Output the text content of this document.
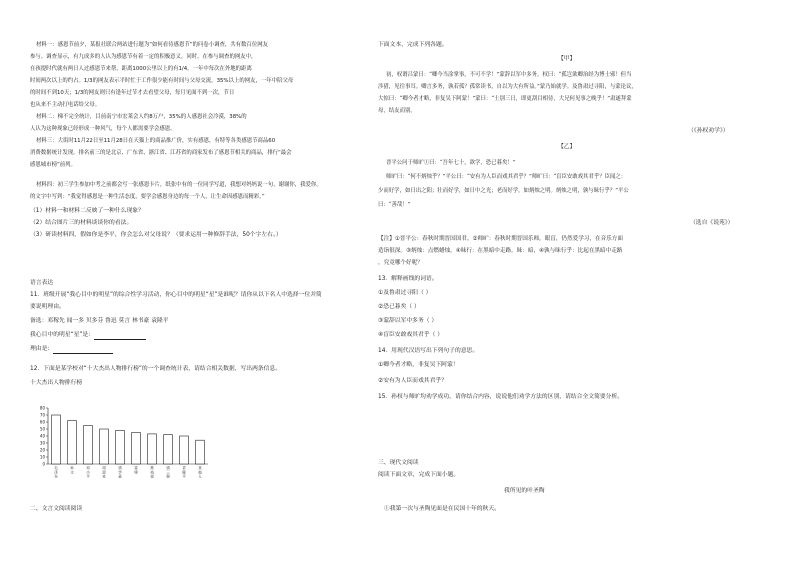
材料一：感恩节前夕，某报社联合两站进行题为“如何看待感恩节”的问卷小调查，共有数百位网友
参与。调查显示，有九成多的人认为感恩节有着一定的积极意义。同时，在参与调查的网友中，
在孩提时代就有两日人过感恩节来帮，距离1000公里以上的有1/4，一年中每次在外地的距离
时间两次以上的约占。1/3的网友表示平时忙于工作很少能有时间与父母交流，35%以上的网友，一年中陪父母
的时间不到10天；1/3的网友则只有逢年过节才去看望父母，每月见面不到一次，节日
也从来不主动打电话给父母。
材料二：梯不完全统计，目前南宁市宏莱会人约8万户，35%的人感恩社会冷漠，38%的
人认为这种现象已经形成一种风气，每个人都需要学会感恩。
材料三：大街时11月22日至11月28日在天猫上的商品推广价，实有感恩，有特等各类感恩节商品60
消费数据统计发现，排名前三的是北京、广东省、浙江省、江苏省的商家发布了感恩节相关的商品，排行“最会
感恩城市榜”前列。
材料四：初三学生参加中考之前都会写一张感恩卡片，纸张中有的一位同学写道，我想对妈妈说一句，谢谢你，我爱你。
的文字中写到：“我觉得感恩是一种生活态度，要学会感恩身边的每一个人，让生命因感恩而精彩。”
（1）材料一和材料二反映了一种什么现象？
（2）结合图片三的材料谈谈你的看法。
（3）研读材料四，假如你是李平，你会怎么对父母说？（要求运用一种修辞手法，50个字左右。）
语言表达
11．班级开展“我心目中的明星”的综合性学习活动，你心目中的明星“星”是谁呢？请你从以下名人中选择一位并简
要说明理由。
备选：邓稼先 闻一多 贝多芬 鲁迅 莫言 林书豪 袁隆平
我心目中的明星“星”是：
理由是：
12．下面是某学校对“十大杰出人物排行榜”的一个调查统计表，请结合相关数据，写出两条信息。
十大杰出人物排行榜
二、文言文阅读阅读
0
10
20
30
40
50
60
70
80
毛
泽
东
孙
文
邓
小
平
周
恩
来
钱
学
森
雷
锋
焦
裕
禄
钱
三
强
袁
隆
平
其
他
人
下面文本，完成下列各题。
【甲】
初，权谓吕蒙曰：“卿今当涂掌事，不可不学！”蒙辞以军中多务。权曰：“孤岂欲卿治经为博士邪！但当
涉猎，见往事耳。卿言多务，孰若孤？孤常读书，自以为大有所益。”蒙乃始就学。及鲁肃过寻阳，与蒙论议，
大惊曰：“卿今者才略，非复吴下阿蒙！”蒙曰：“士别三日，即更刮目相待，大兄何见事之晚乎！”肃遂拜蒙
母，结友而别。
（《孙权劝学》）
【乙】
晋平公问于师旷①曰：“吾年七十，欲学，恐已暮矣！”
师旷曰：“何不炳烛乎？”平公曰：“安有为人臣而戏其君乎？”师旷曰：“盲臣安敢戏其君乎？臣闻之：
少而好学，如日出之阳；壮而好学，如日中之光；老而好学，如炳烛之明。炳烛之明，孰与昧行乎？”平公
曰：“善哉！”
（选自《说苑》）
【注】①晋平公：春秋时期晋国国君。②师旷：春秋时期晋国乐师，眼盲，仍然爱学习，在音乐方面
造诣很深。③炳烛：点燃蜡烛。④昧行：在黑暗中走路。昧：暗，④孰与昧行乎：比起在黑暗中走路
，究竟哪个好呢？
13．解释画线的词语。
①及鲁肃过寻阳（ ）
②恐已暮矣（ ）
③蒙辞以军中多务（ ）
④盲臣安敢戏其君乎（ ）
14．用现代汉语写出下列句子的意思。
①卿今者才略，非复吴下阿蒙！
②安有为人臣而戏其君乎？
15．孙权与师旷均劝学成功，请你结合内容，说说他们劝学方法的区别，请结合全文简要分析。
三、现代文阅读
阅读下面文章，完成下面小题。
我所见的叶圣陶
①我第一次与圣陶见面是在民国十年的秋天。
